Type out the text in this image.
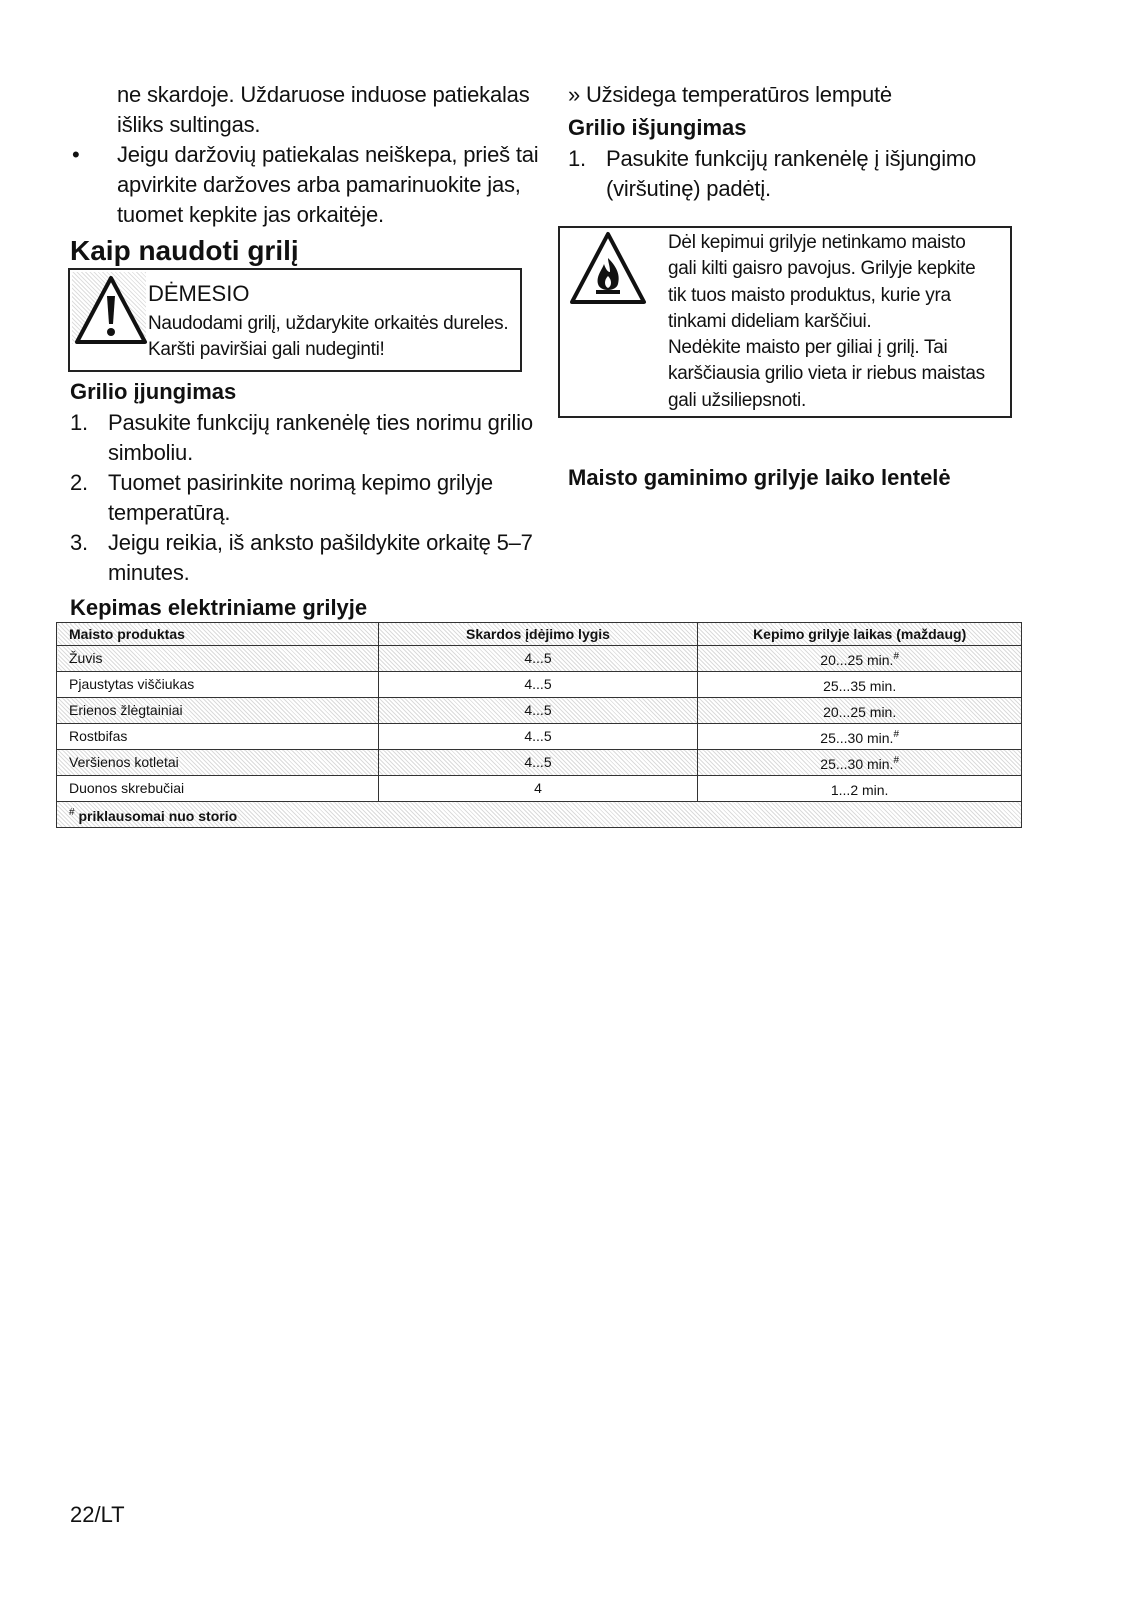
ne skardoje. Uždaruose induose patiekalas
išliks sultingas.
• Jeigu daržovių patiekalas neiškepa, prieš tai
apvirkite daržoves arba pamarinuokite jas,
tuomet kepkite jas orkaitėje.
Kaip naudoti grilį
DĖMESIO
Naudodami grilį, uždarykite orkaitės dureles.
Karšti paviršiai gali nudeginti!
Grilio įjungimas
1. Pasukite funkcijų rankenėlę ties norimu grilio
simboliu.
2. Tuomet pasirinkite norimą kepimo grilyje
temperatūrą.
3. Jeigu reikia, iš anksto pašildykite orkaitę 5–7
minutes.
» Užsidega temperatūros lemputė
Grilio išjungimas
1. Pasukite funkcijų rankenėlę į išjungimo
(viršutinę) padėtį.
Dėl kepimui grilyje netinkamo maisto
gali kilti gaisro pavojus. Grilyje kepkite
tik tuos maisto produktus, kurie yra
tinkami dideliam karščiui.
Nedėkite maisto per giliai į grilį. Tai
karščiausia grilio vieta ir riebus maistas
gali užsiliepsnoti.
Maisto gaminimo grilyje laiko lentelė
Kepimas elektriniame grilyje
Maisto produktas	Skardos įdėjimo lygis	Kepimo grilyje laikas (maždaug)
Žuvis	4...5	20...25 min.#
Pjaustytas viščiukas	4...5	25...35 min.
Erienos žlėgtainiai	4...5	20...25 min.
Rostbifas	4...5	25...30 min.#
Veršienos kotletai	4...5	25...30 min.#
Duonos skrebučiai	4	1...2 min.
# priklausomai nuo storio		
22/LT
